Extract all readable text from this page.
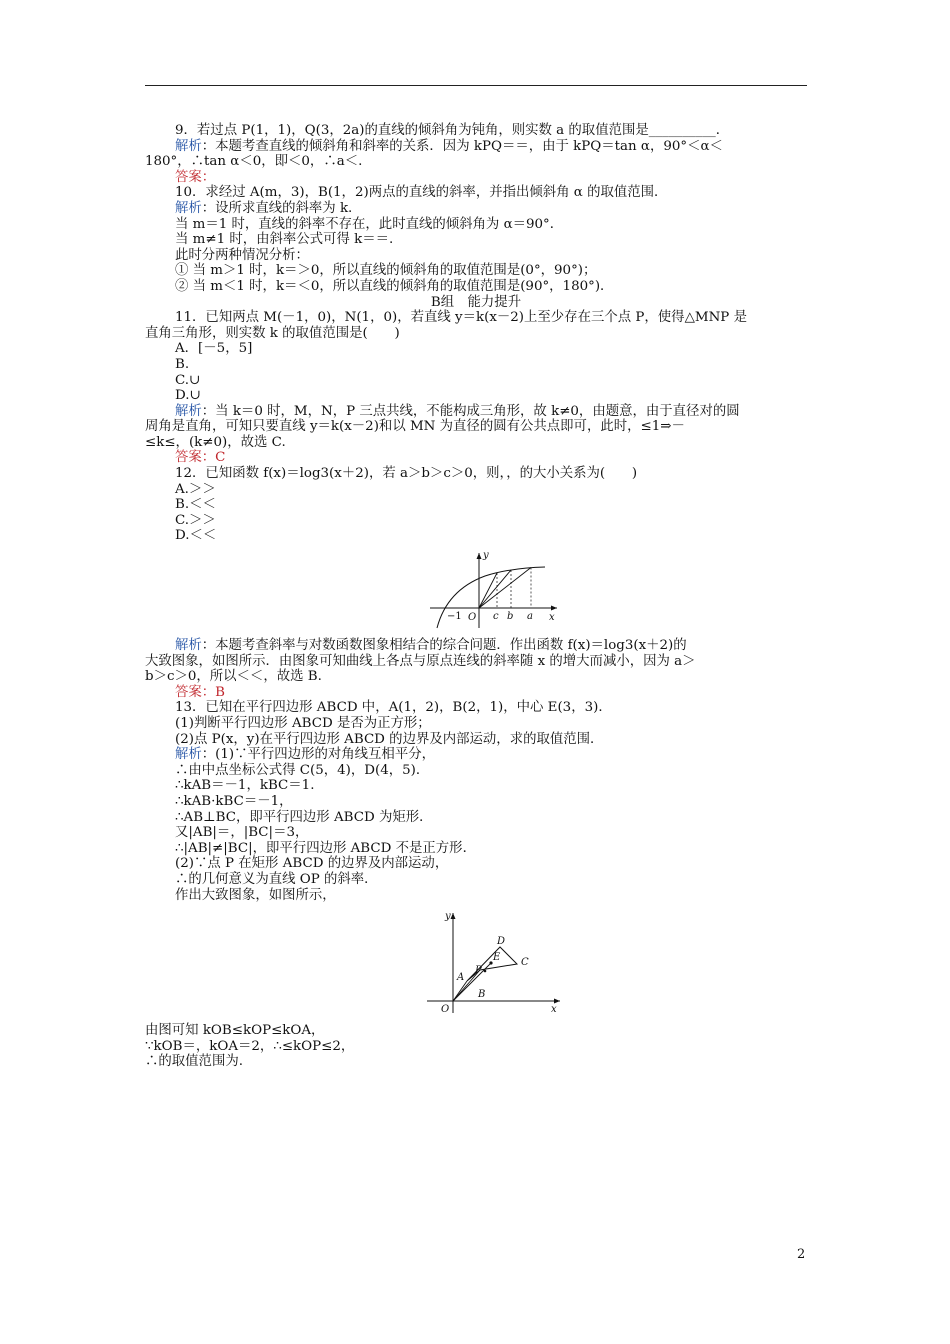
9．若过点 P(1，1)，Q(3，2a)的直线的倾斜角为钝角，则实数 a 的取值范围是__________．
解析：本题考查直线的倾斜角和斜率的关系．因为 kPQ＝＝，由于 kPQ＝tan α，90°＜α＜
180°，∴tan α＜0，即＜0，∴a＜.
答案：
10．求经过 A(m，3)，B(1，2)两点的直线的斜率，并指出倾斜角 α 的取值范围．
解析：设所求直线的斜率为 k.
当 m＝1 时，直线的斜率不存在，此时直线的倾斜角为 α＝90°．
当 m≠1 时，由斜率公式可得 k＝＝.
此时分两种情况分析：
① 当 m＞1 时，k＝＞0，所以直线的倾斜角的取值范围是(0°，90°)；
② 当 m＜1 时，k＝＜0，所以直线的倾斜角的取值范围是(90°，180°)．
B组　能力提升
11．已知两点 M(－1，0)，N(1，0)，若直线 y＝k(x－2)上至少存在三个点 P，使得△MNP 是
直角三角形，则实数 k 的取值范围是(　　)
A．[－5，5]
B.
C.∪
D.∪
解析：当 k＝0 时，M，N，P 三点共线，不能构成三角形，故 k≠0，由题意，由于直径对的圆
周角是直角，可知只要直线 y＝k(x－2)和以 MN 为直径的圆有公共点即可，此时，≤1⇒－
≤k≤，(k≠0)，故选 C.
答案：C
12．已知函数 f(x)＝log3(x＋2)，若 a＞b＞c＞0，则，，的大小关系为(　　)
A.＞＞
B.＜＜
C.＞＞
D.＜＜
y
x
−1 O c b a
解析：本题考查斜率与对数函数图象相结合的综合问题．作出函数 f(x)＝log3(x＋2)的
大致图象，如图所示．由图象可知曲线上各点与原点连线的斜率随 x 的增大而减小，因为 a＞
b＞c＞0，所以＜＜，故选 B.
答案：B
13．已知在平行四边形 ABCD 中，A(1，2)，B(2，1)，中心 E(3，3)．
(1)判断平行四边形 ABCD 是否为正方形；
(2)点 P(x，y)在平行四边形 ABCD 的边界及内部运动，求的取值范围．
解析：(1)∵平行四边形的对角线互相平分，
∴由中点坐标公式得 C(5，4)，D(4，5)．
∴kAB＝－1，kBC＝1.
∴kAB·kBC＝－1，
∴AB⊥BC，即平行四边形 ABCD 为矩形．
又|AB|＝，|BC|＝3，
∴|AB|≠|BC|，即平行四边形 ABCD 不是正方形．
(2)∵点 P 在矩形 ABCD 的边界及内部运动，
∴的几何意义为直线 OP 的斜率．
作出大致图象，如图所示，
y
x
O
A
B
C
D
E
P
由图可知 kOB≤kOP≤kOA，
∵kOB＝，kOA＝2，∴≤kOP≤2，
∴的取值范围为.
2
